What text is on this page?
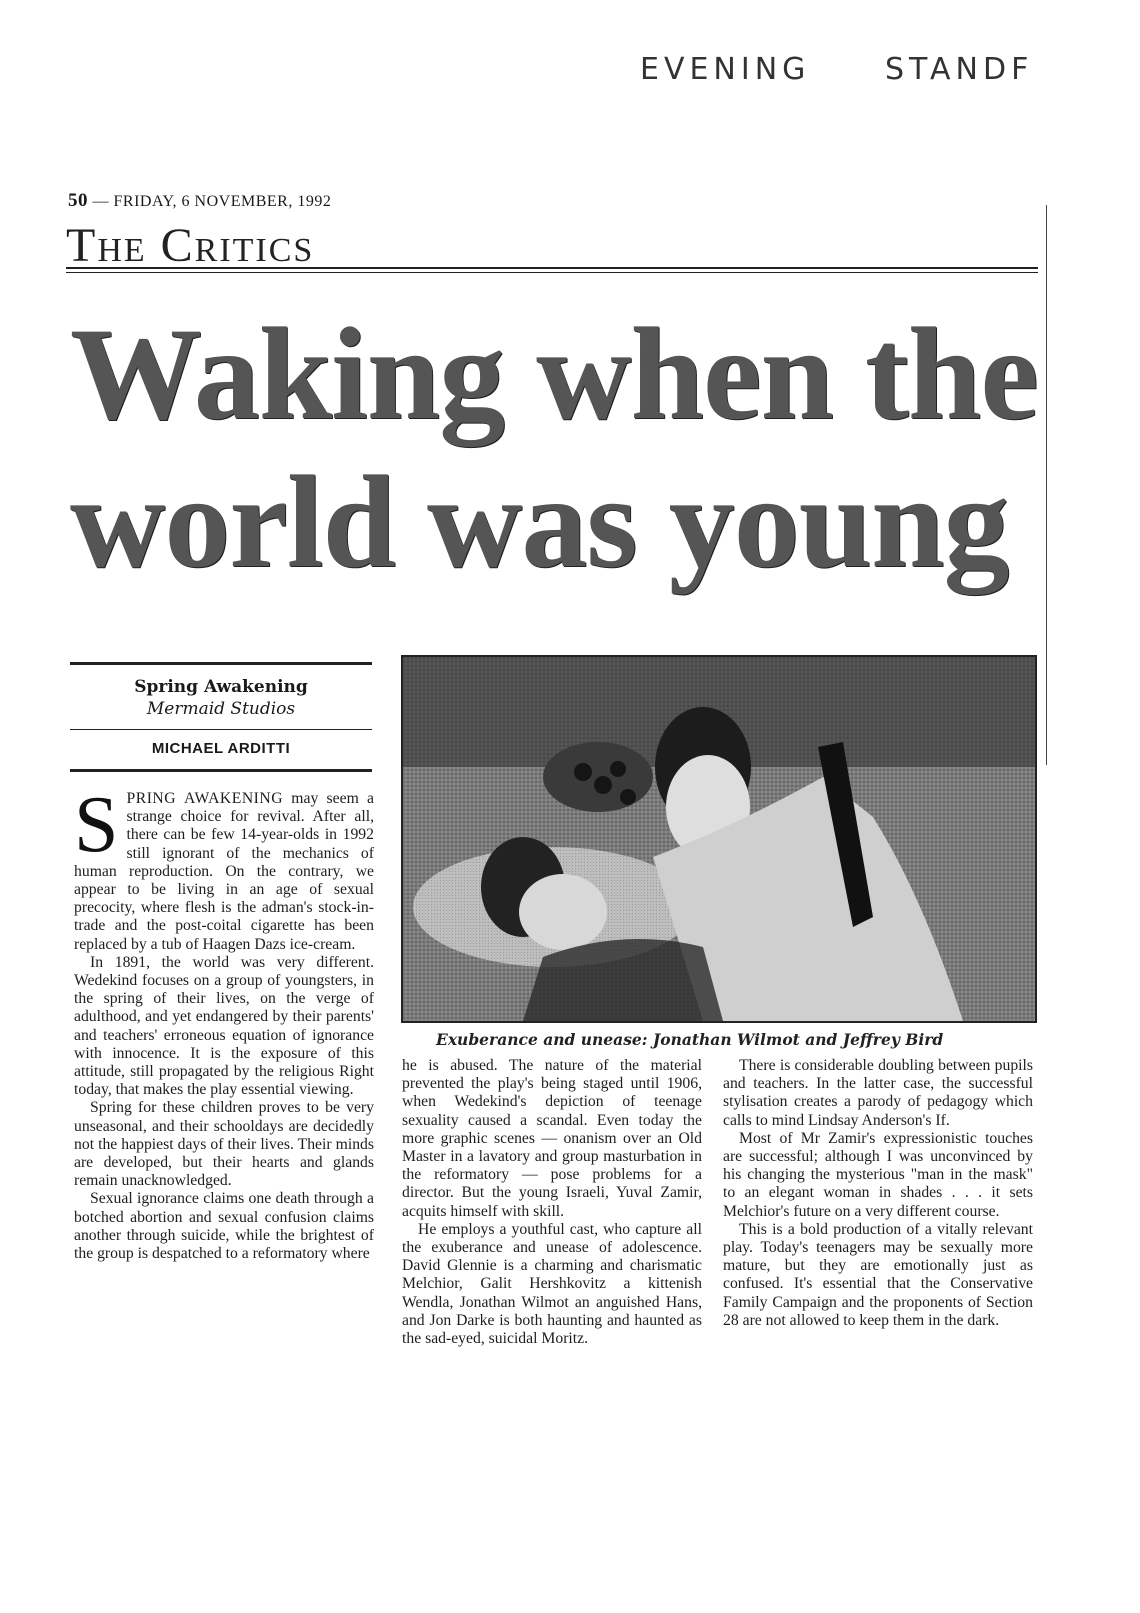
EVENING STANDF
50 — FRIDAY, 6 NOVEMBER, 1992
The Critics
Waking when the
world was young
Spring Awakening
Mermaid Studios
MICHAEL ARDITTI
Exuberance and unease: Jonathan Wilmot and Jeffrey Bird

SPRING AWAKENING may seem a strange choice for revival. After all, there can be few 14-year-olds in 1992 still ignorant of the mechanics of human reproduction. On the contrary, we appear to be living in an age of sexual precocity, where flesh is the adman's stock-in-trade and the post-coital cigarette has been replaced by a tub of Haagen Dazs ice-cream.

In 1891, the world was very different. Wedekind focuses on a group of youngsters, in the spring of their lives, on the verge of adulthood, and yet endangered by their parents' and teachers' erroneous equation of ignorance with innocence. It is the exposure of this attitude, still propagated by the religious Right today, that makes the play essential viewing.

Spring for these children proves to be very unseasonal, and their schooldays are decidedly not the happiest days of their lives. Their minds are developed, but their hearts and glands remain unacknowledged.

Sexual ignorance claims one death through a botched abortion and sexual confusion claims another through suicide, while the brightest of the group is despatched to a reformatory where

he is abused. The nature of the material prevented the play's being staged until 1906, when Wedekind's depiction of teenage sexuality caused a scandal. Even today the more graphic scenes — onanism over an Old Master in a lavatory and group masturbation in the reformatory — pose problems for a director. But the young Israeli, Yuval Zamir, acquits himself with skill.

He employs a youthful cast, who capture all the exuberance and unease of adolescence. David Glennie is a charming and charismatic Melchior, Galit Hershkovitz a kittenish Wendla, Jonathan Wilmot an anguished Hans, and Jon Darke is both haunting and haunted as the sad-eyed, suicidal Moritz.

There is considerable doubling between pupils and teachers. In the latter case, the successful stylisation creates a parody of pedagogy which calls to mind Lindsay Anderson's If.

Most of Mr Zamir's expressionistic touches are successful; although I was unconvinced by his changing the mysterious "man in the mask" to an elegant woman in shades . . . it sets Melchior's future on a very different course.

This is a bold production of a vitally relevant play. Today's teenagers may be sexually more mature, but they are emotionally just as confused. It's essential that the Conservative Family Campaign and the proponents of Section 28 are not allowed to keep them in the dark.
